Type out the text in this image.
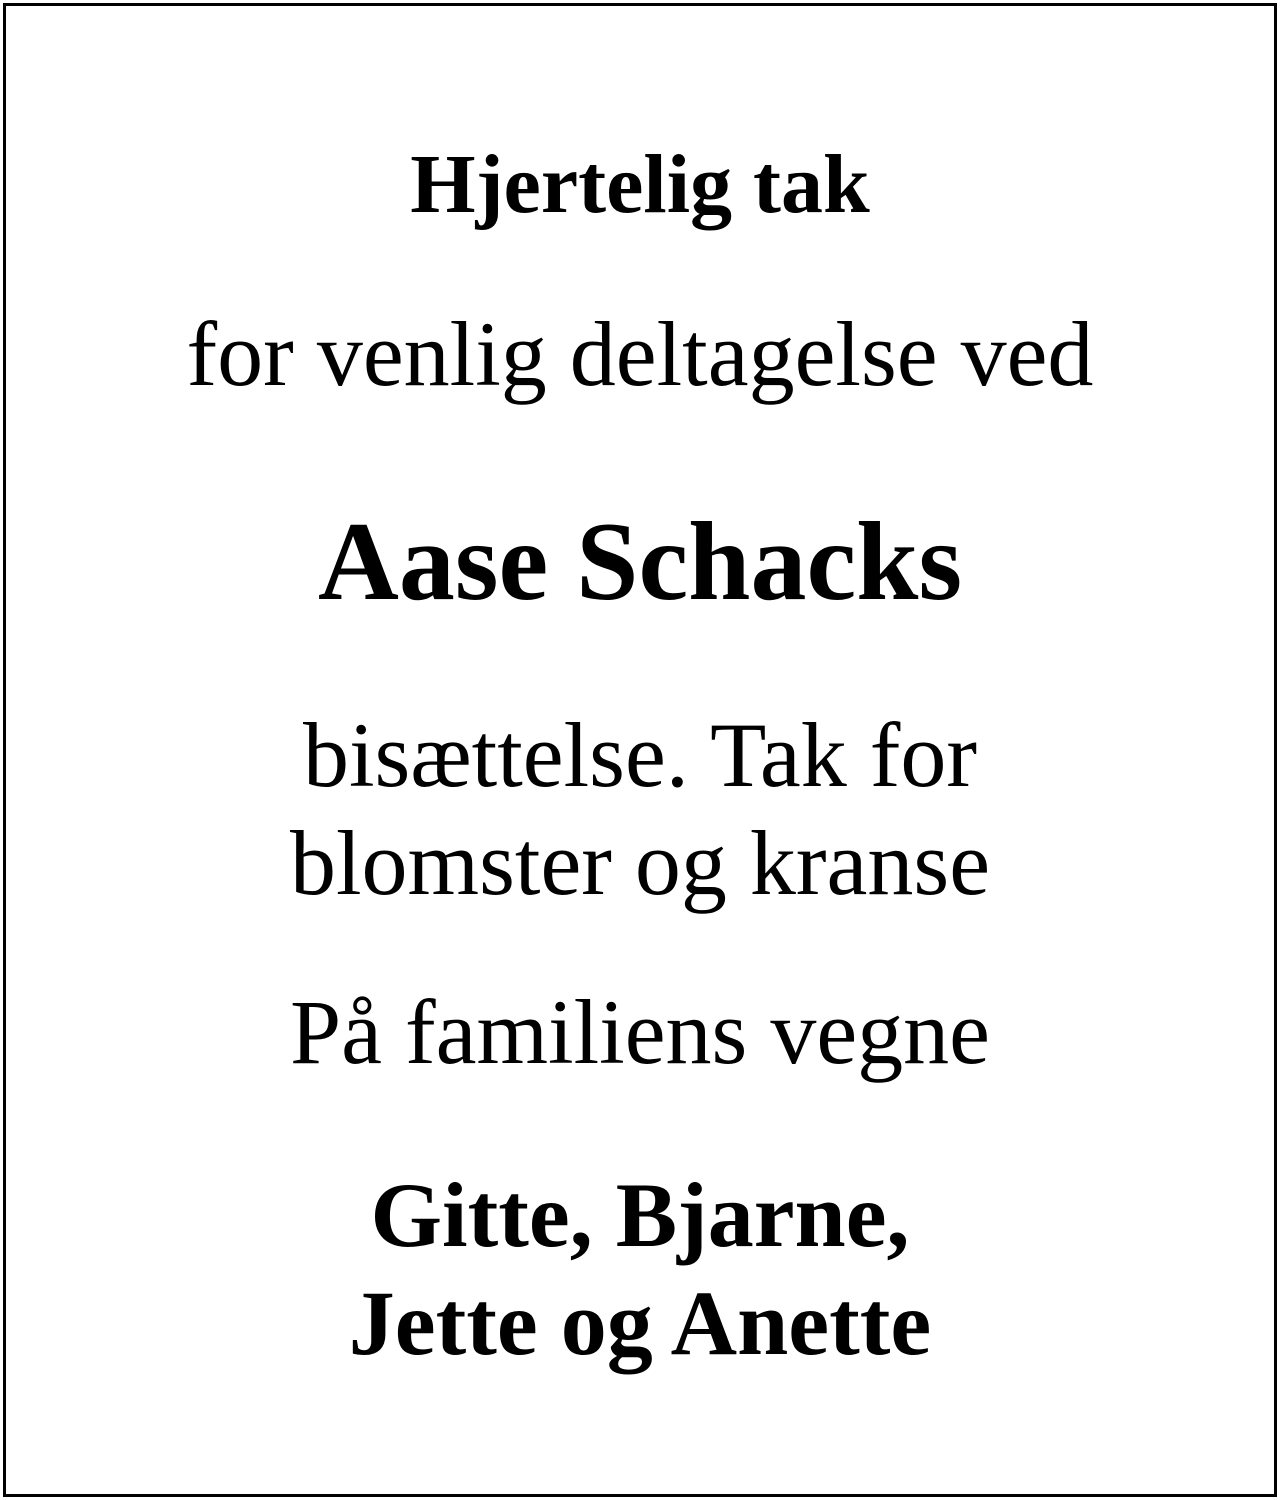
Hjertelig tak
for venlig deltagelse ved
Aase Schacks
bisættelse. Tak for
blomster og kranse
På familiens vegne
Gitte, Bjarne,
Jette og Anette
